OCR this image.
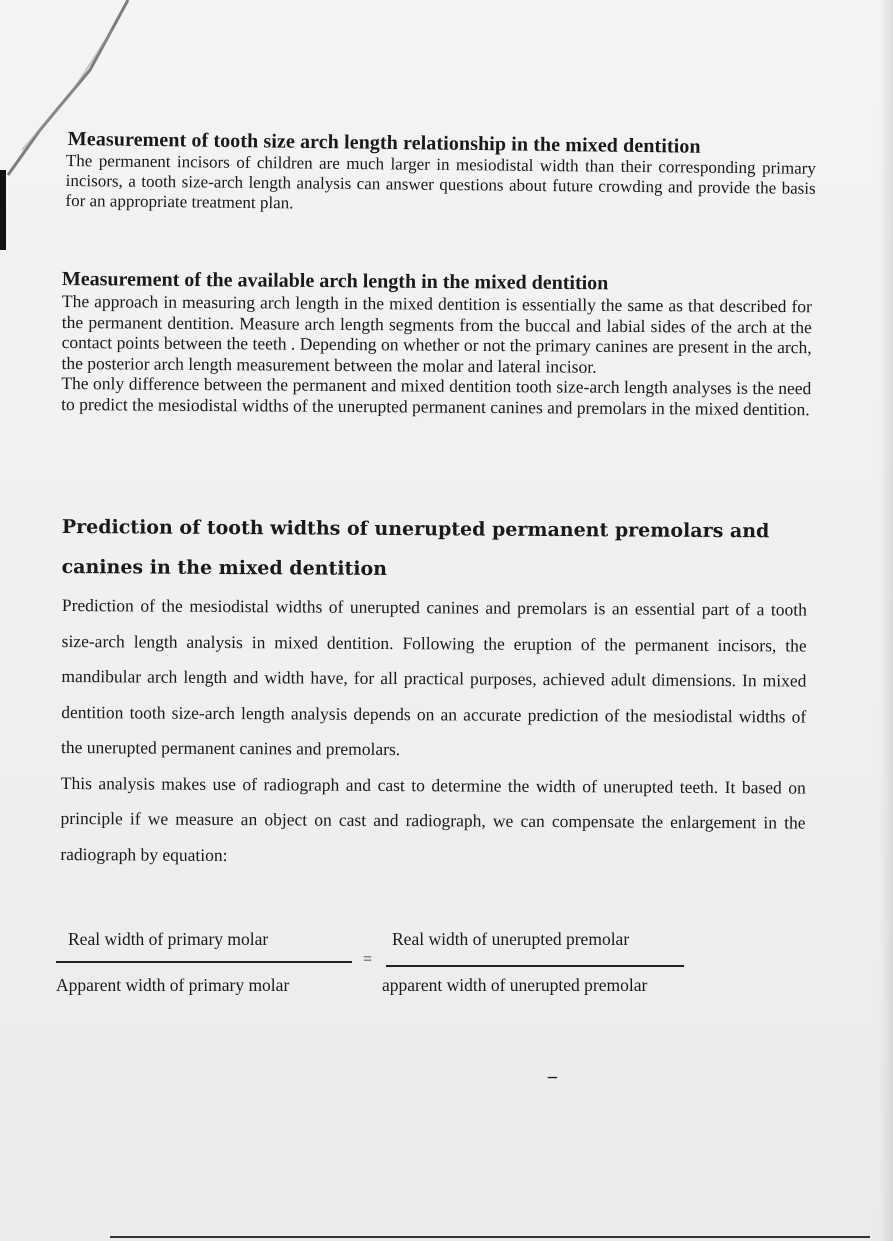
Measurement of tooth size arch length relationship in the mixed dentition

The permanent incisors of children are much larger in mesiodistal width than their corresponding primary incisors, a tooth size-arch length analysis can answer questions about future crowding and provide the basis for an appropriate treatment plan.

Measurement of the available arch length in the mixed dentition

The approach in measuring arch length in the mixed dentition is essentially the same as that described for the permanent dentition. Measure arch length segments from the buccal and labial sides of the arch at the contact points between the teeth . Depending on whether or not the primary canines are present in the arch, the posterior arch length measurement between the molar and lateral incisor.

The only difference between the permanent and mixed dentition tooth size-arch length analyses is the need to predict the mesiodistal widths of the unerupted permanent canines and premolars in the mixed dentition.

Prediction of tooth widths of unerupted permanent premolars and canines in the mixed dentition

Prediction of the mesiodistal widths of unerupted canines and premolars is an essential part of a tooth size-arch length analysis in mixed dentition. Following the eruption of the permanent incisors, the mandibular arch length and width have, for all practical purposes, achieved adult dimensions. In mixed dentition tooth size-arch length analysis depends on an accurate prediction of the mesiodistal widths of the unerupted permanent canines and premolars.

This analysis makes use of radiograph and cast to determine the width of unerupted teeth. It based on principle if we measure an object on cast and radiograph, we can compensate the enlargement in the radiograph by equation:

Real width of primary molar
Apparent width of primary molar
=
Real width of unerupted premolar
apparent width of unerupted premolar
ـــ
